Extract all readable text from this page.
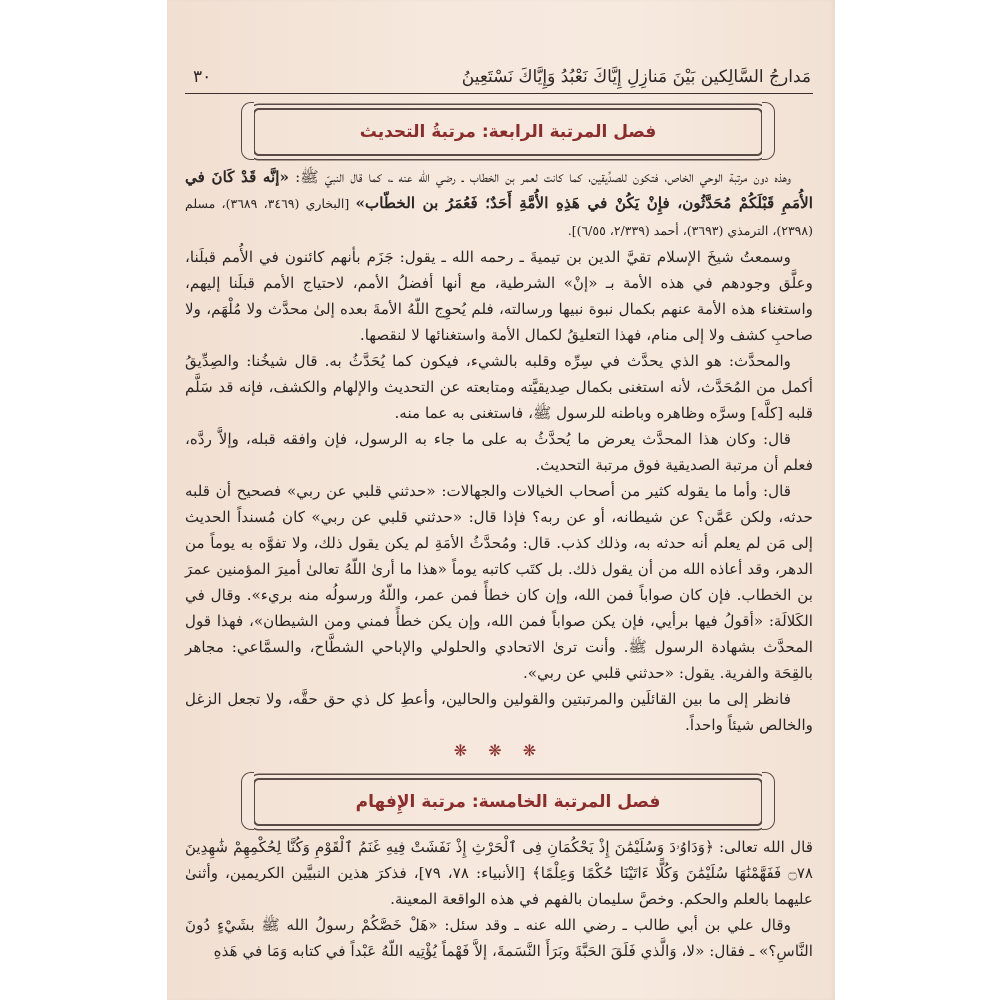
مَدارجُ السَّالِكين بَيْنَ مَنازِلِ إِيَّاكَ نَعْبُدُ وَإِيَّاكَ نَسْتَعِينُ
٣٠
فصل المرتبة الرابعة: مرتبةُ التحديث

وهذه دون مرتبة الوحي الخاص، فتكون للصدِّيقين، كما كانت لعمر بن الخطاب ـ رضي الله عنه ـ، كما قال النبيّ ﷺ: «إنَّه قَدْ كَانَ في الأُمَمِ قَبْلَكُمْ مُحَدَّثُون، فإِنْ يَكُنْ في هَذِهِ الأُمَّةِ أَحَدٌ؛ فَعُمَرُ بن الخطّاب» [البخاري (٣٤٦٩، ٣٦٨٩)، مسلم (٢٣٩٨)، الترمذي (٣٦٩٣)، أحمد (٢/٣٣٩، ٦/٥٥)].

وسمعتُ شيخَ الإسلام تقيَّ الدين بن تيميةَ ـ رحمه الله ـ يقول: جَزَم بأنهم كائنون في الأُمم قبلَنا، وعلَّق وجودهم في هذه الأمة بـ «إنْ» الشرطية، مع أنها أفضلُ الأمم، لاحتياج الأمم قبلَنا إليهم، واستغناء هذه الأمة عنهم بكمال نبوة نبيها ورسالته، فلم يُحوِج اللّهُ الأمةَ بعده إلىٰ محدَّث ولا مُلْهَم، ولا صاحبِ كشف ولا إلى منام، فهذا التعليقُ لكمال الأمة واستغنائها لا لنقصها.

والمحدَّث: هو الذي يحدَّث في سِرِّه وقلبه بالشيء، فيكون كما يُحَدَّثُ به. قال شيخُنا: والصِدِّيقُ أكمل من المُحَدَّث، لأنه استغنى بكمال صِديقيَّته ومتابعته عن التحديث والإلهام والكشف، فإنه قد سَلَّم قلبه [كلَّه] وسرَّه وظاهره وباطنه للرسول ﷺ، فاستغنى به عما منه.

قال: وكان هذا المحدَّث يعرض ما يُحدَّثُ به على ما جاء به الرسول، فإن وافقه قبله، وإلاَّ ردَّه، فعلم أن مرتبة الصديقية فوق مرتبة التحديث.

قال: وأما ما يقوله كثير من أصحاب الخيالات والجهالات: «حدثني قلبي عن ربي» فصحيح أن قلبه حدثه، ولكن عَمَّن؟ عن شيطانه، أو عن ربه؟ فإذا قال: «حدثني قلبي عن ربي» كان مُسنداً الحديث إلى مَن لم يعلم أنه حدثه به، وذلك كذب. قال: ومُحدَّثُ الأمَةِ لم يكن يقول ذلك، ولا تفوَّه به يوماً من الدهر، وقد أعاذه الله من أن يقول ذلك. بل كتَب كاتبه يوماً «هذا ما أرىٰ اللّهُ تعالىٰ أميرَ المؤمنين عمرَ بن الخطاب. فإن كان صواباً فمن الله، وإن كان خطأً فمن عمر، واللّهُ ورسولُه منه بريء». وقال في الكَلالَة: «أقولُ فيها برأيي، فإن يكن صواباً فمن الله، وإن يكن خطأً فمني ومن الشيطان»، فهذا قول المحدَّث بشهادة الرسول ﷺ. وأنت ترىٰ الاتحادي والحلولي والإباحي الشطَّاح، والسمَّاعي: مجاهر بالقِحَة والفرية. يقول: «حدثني قلبي عن ربي».

فانظر إلى ما بين القائلَين والمرتبتين والقولين والحالين، وأعطِ كل ذي حق حقَّه، ولا تجعل الزغل والخالص شيئاً واحداً.

❋ ❋ ❋
فصل المرتبة الخامسة: مرتبة الإِفهام

قال الله تعالى: ﴿وَدَاوُۥدَ وَسُلَيْمَٰنَ إِذْ يَحْكُمَانِ فِى ٱلْحَرْثِ إِذْ نَفَشَتْ فِيهِ غَنَمُ ٱلْقَوْمِ وَكُنَّا لِحُكْمِهِمْ شَٰهِدِينَ ۝٧٨ فَفَهَّمْنَٰهَا سُلَيْمَٰنَ وَكُلًّا ءَاتَيْنَا حُكْمًا وَعِلْمًا﴾ [الأنبياء: ٧٨، ٧٩]، فذكرَ هذين النبيَّين الكريمين، وأثنىٰ عليهما بالعلم والحكم. وخصَّ سليمان بالفهم في هذه الواقعة المعينة.

وقال علي بن أبي طالب ـ رضي الله عنه ـ وقد سئل: «هَلْ خَصَّكُمْ رسولُ الله ﷺ بشَيْءٍ دُونَ النَّاسِ؟» ـ فقال: «لا، وَالَّذي فَلَقَ الحَبَّةَ وبَرَأَ النَّسَمةَ، إلاَّ فَهْماً يُؤْتِيه اللّهُ عَبْداً في كتابه وَمَا في هَذهِ
